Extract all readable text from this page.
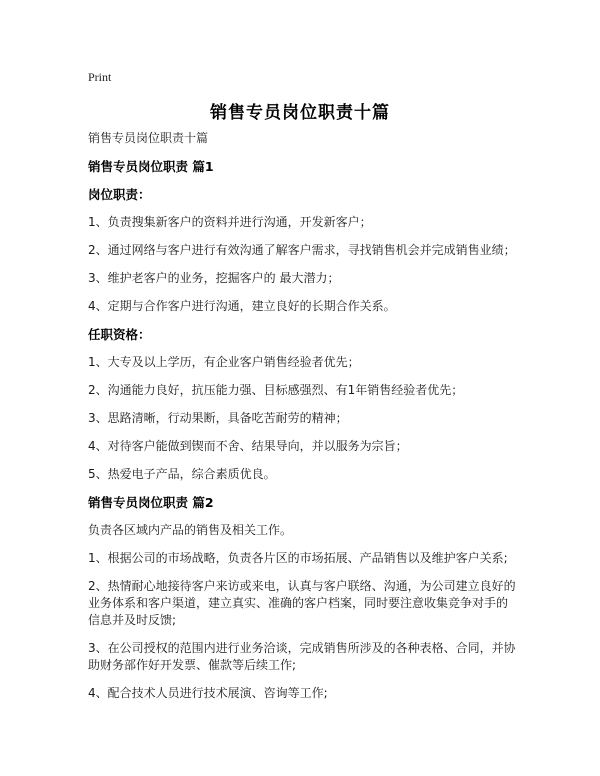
Print
销售专员岗位职责十篇

销售专员岗位职责十篇

销售专员岗位职责 篇1

岗位职责：

1、负责搜集新客户的资料并进行沟通，开发新客户；

2、通过网络与客户进行有效沟通了解客户需求，寻找销售机会并完成销售业绩；

3、维护老客户的业务，挖掘客户的 最大潜力；

4、定期与合作客户进行沟通，建立良好的长期合作关系。

任职资格：

1、大专及以上学历，有企业客户销售经验者优先；

2、沟通能力良好，抗压能力强、目标感强烈、有1年销售经验者优先；

3、思路清晰，行动果断，具备吃苦耐劳的精神；

4、对待客户能做到锲而不舍、结果导向，并以服务为宗旨；

5、热爱电子产品，综合素质优良。

销售专员岗位职责 篇2

负责各区域内产品的销售及相关工作。

1、根据公司的市场战略，负责各片区的市场拓展、产品销售以及维护客户关系;

2、热情耐心地接待客户来访或来电，认真与客户联络、沟通，为公司建立良好的业务体系和客户渠道，建立真实、准确的客户档案，同时要注意收集竞争对手的信息并及时反馈;

3、在公司授权的范围内进行业务洽谈，完成销售所涉及的各种表格、合同，并协助财务部作好开发票、催款等后续工作;

4、配合技术人员进行技术展演、咨询等工作;
